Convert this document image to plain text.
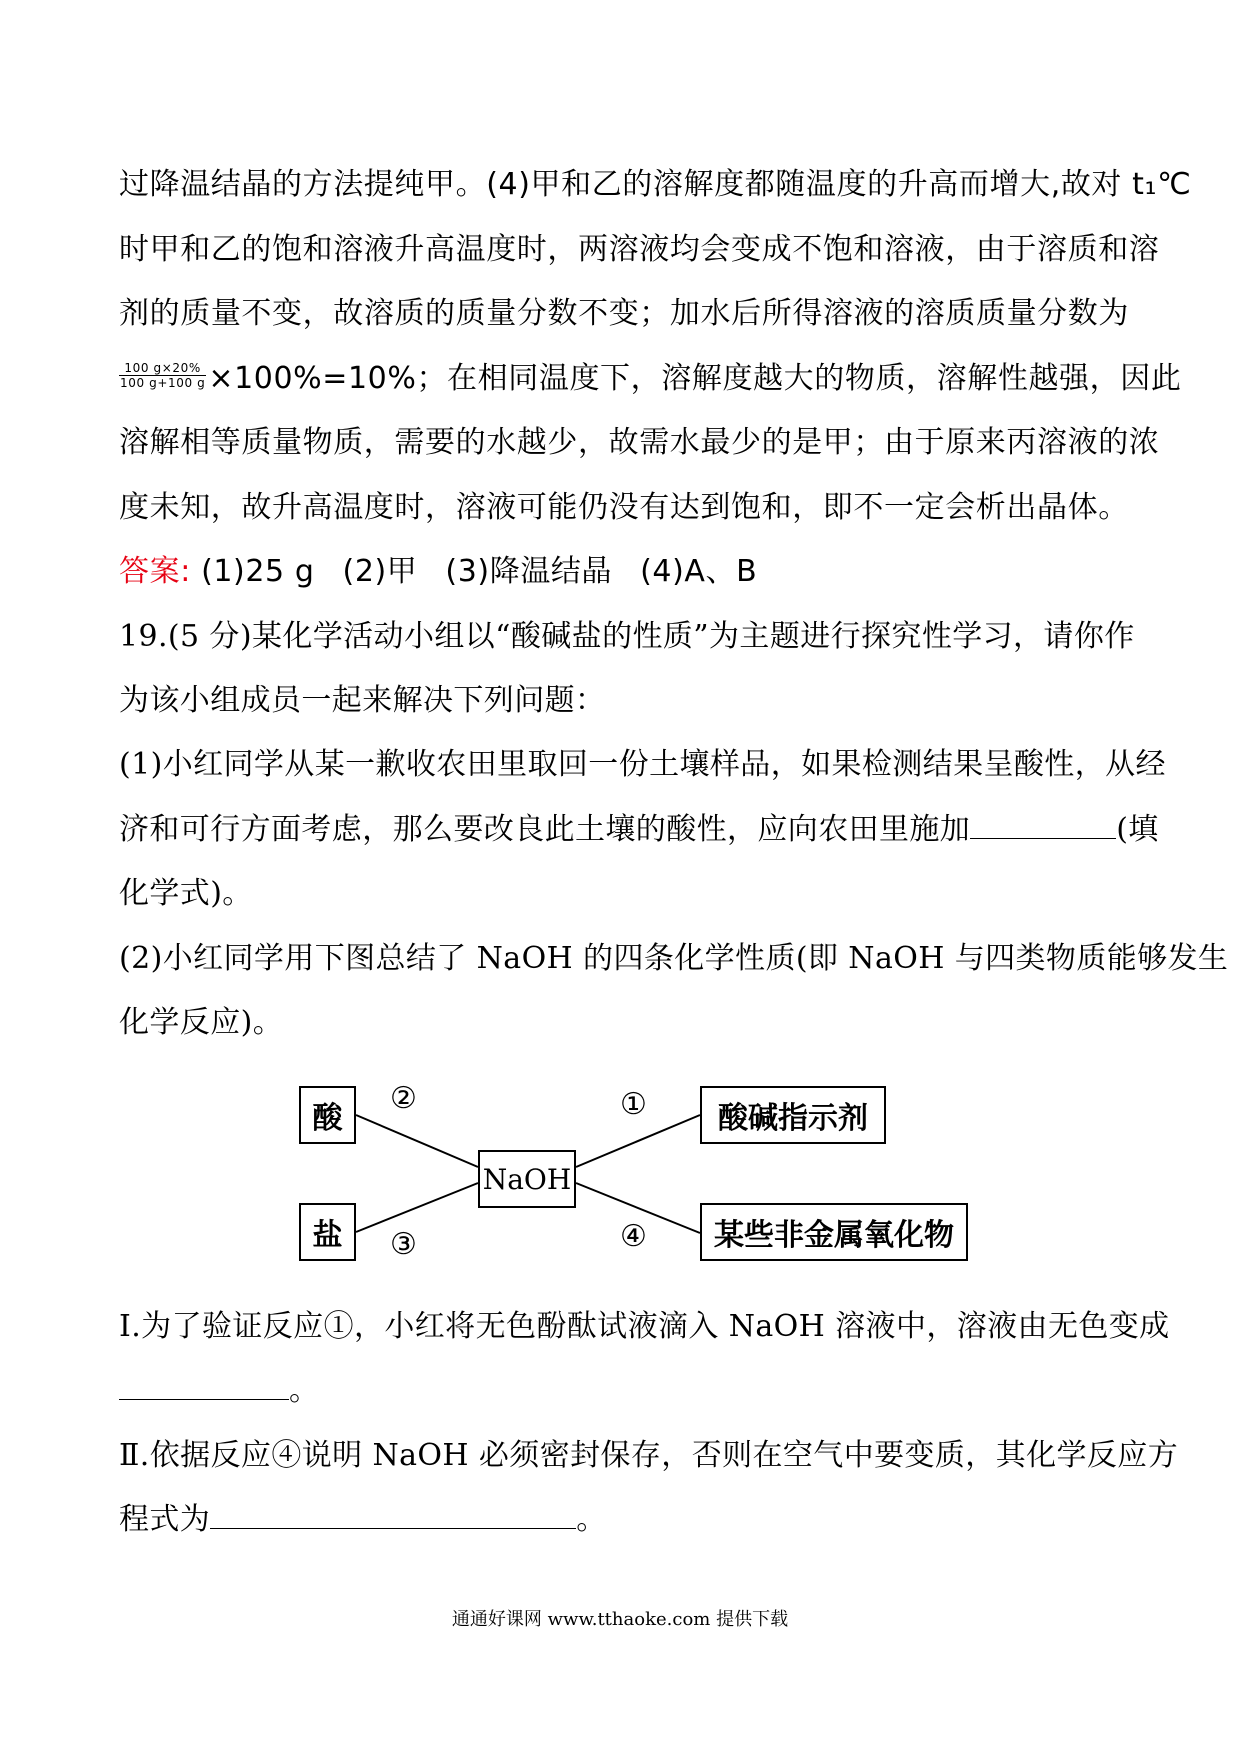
过降温结晶的方法提纯甲。(4)甲和乙的溶解度都随温度的升高而增大,故对 t₁℃
时甲和乙的饱和溶液升高温度时，两溶液均会变成不饱和溶液，由于溶质和溶
剂的质量不变，故溶质的质量分数不变；加水后所得溶液的溶质质量分数为
$\frac{100 g\times 20\%}{100 g+100 g} \times 100\%=10\%$；在相同温度下，溶解度越大的物质，溶解性越强，因此
溶解相等质量物质，需要的水越少，故需水最少的是甲；由于原来丙溶液的浓
度未知，故升高温度时，溶液可能仍没有达到饱和，即不一定会析出晶体。
答案: (1)25 g (2)甲 (3)降温结晶 (4)A、B
19.(5 分)某化学活动小组以“酸碱盐的性质”为主题进行探究性学习，请你作
为该小组成员一起来解决下列问题：
(1)小红同学从某一歉收农田里取回一份土壤样品，如果检测结果呈酸性，从经
济和可行方面考虑，那么要改良此土壤的酸性，应向农田里施加	(填
化学式)。
(2)小红同学用下图总结了 NaOH 的四条化学性质(即 NaOH 与四类物质能够发生
化学反应)。
酸
盐
NaOH
酸碱指示剂
某些非金属氧化物
②
③
①
④
Ⅰ.为了验证反应①，小红将无色酚酞试液滴入 NaOH 溶液中，溶液由无色变成
。
Ⅱ.依据反应④说明 NaOH 必须密封保存，否则在空气中要变质，其化学反应方
程式为	。
通通好课网 www.tthaoke.com 提供下载
